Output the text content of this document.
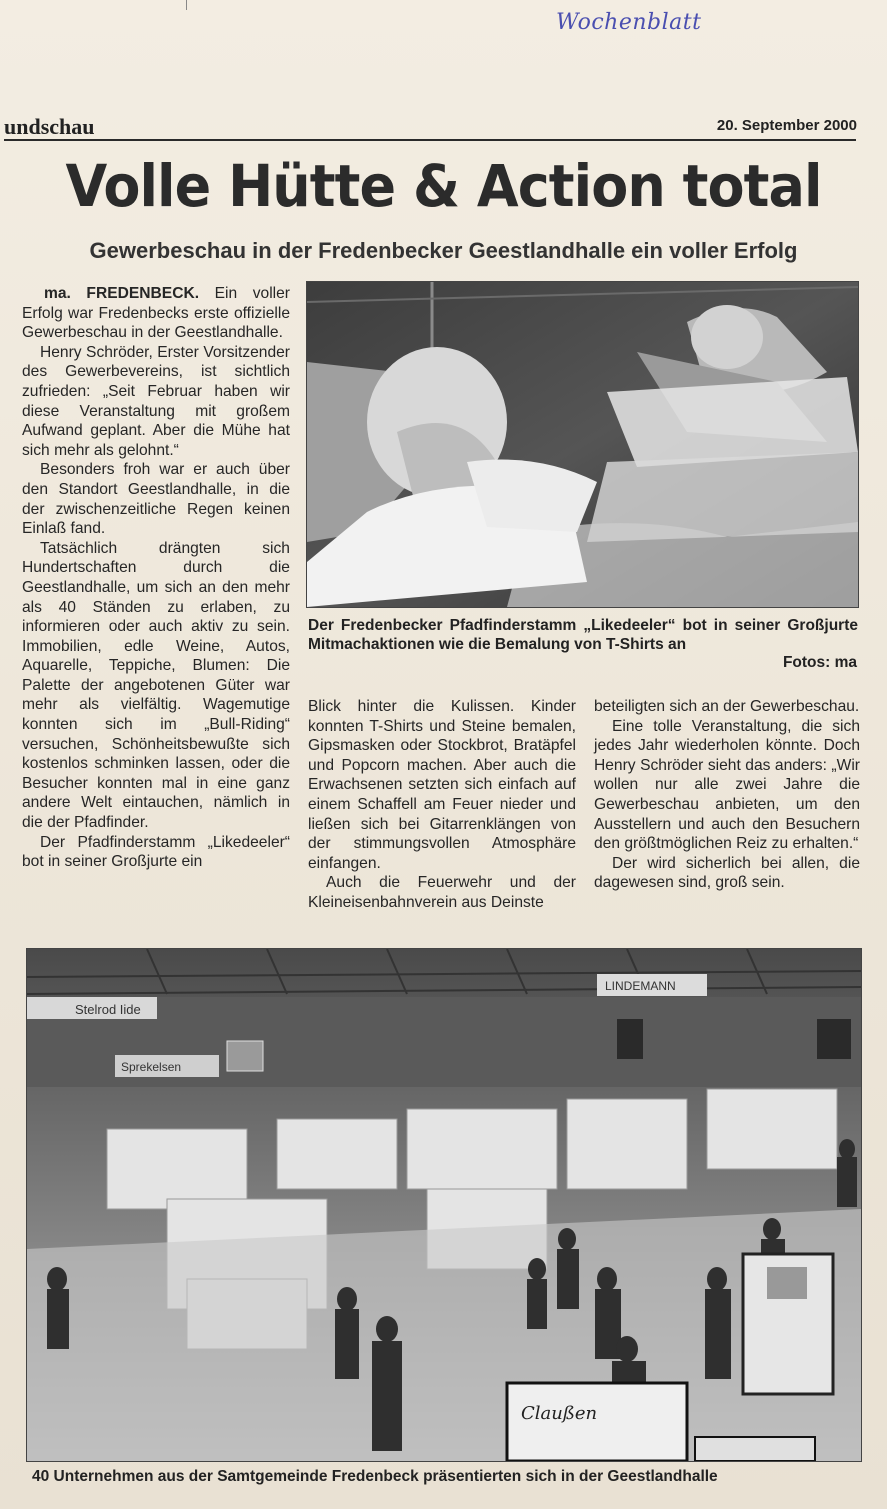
Wochenblatt
undschau	20. September 2000
Volle Hütte & Action total
Gewerbeschau in der Fredenbecker Geestlandhalle ein voller Erfolg

ma. FREDENBECK. Ein voller Erfolg war Fredenbecks erste offizielle Gewerbeschau in der Geestlandhalle.

Henry Schröder, Erster Vorsitzender des Gewerbevereins, ist sichtlich zufrieden: „Seit Februar haben wir diese Veranstaltung mit großem Aufwand geplant. Aber die Mühe hat sich mehr als gelohnt.“

Besonders froh war er auch über den Standort Geestlandhalle, in die der zwischenzeitliche Regen keinen Einlaß fand.

Tatsächlich drängten sich Hundertschaften durch die Geestlandhalle, um sich an den mehr als 40 Ständen zu erlaben, zu informieren oder auch aktiv zu sein. Immobilien, edle Weine, Autos, Aquarelle, Teppiche, Blumen: Die Palette der angebotenen Güter war mehr als vielfältig. Wagemutige konnten sich im „Bull-Riding“ versuchen, Schönheitsbewußte sich kostenlos schminken lassen, oder die Besucher konnten mal in eine ganz andere Welt eintauchen, nämlich in die der Pfadfinder.

Der Pfadfinderstamm „Likedeeler“ bot in seiner Großjurte ein

Der Fredenbecker Pfadfinderstamm „Likedeeler“ bot in seiner Großjurte Mitmachaktionen wie die Bemalung von T-Shirts an
Fotos: ma

Blick hinter die Kulissen. Kinder konnten T-Shirts und Steine bemalen, Gipsmasken oder Stockbrot, Bratäpfel und Popcorn machen. Aber auch die Erwachsenen setzten sich einfach auf einem Schaffell am Feuer nieder und ließen sich bei Gitarrenklängen von der stimmungsvollen Atmosphäre einfangen.

Auch die Feuerwehr und der Kleineisenbahnverein aus Deinste

beteiligten sich an der Gewerbeschau.

Eine tolle Veranstaltung, die sich jedes Jahr wiederholen könnte. Doch Henry Schröder sieht das anders: „Wir wollen nur alle zwei Jahre die Gewerbeschau anbieten, um den Ausstellern und auch den Besuchern den größtmöglichen Reiz zu erhalten.“

Der wird sicherlich bei allen, die dagewesen sind, groß sein.

Stelrod Iide
Sprekelsen
LINDEMANN
Claußen
40 Unternehmen aus der Samtgemeinde Fredenbeck präsentierten sich in der Geestlandhalle
